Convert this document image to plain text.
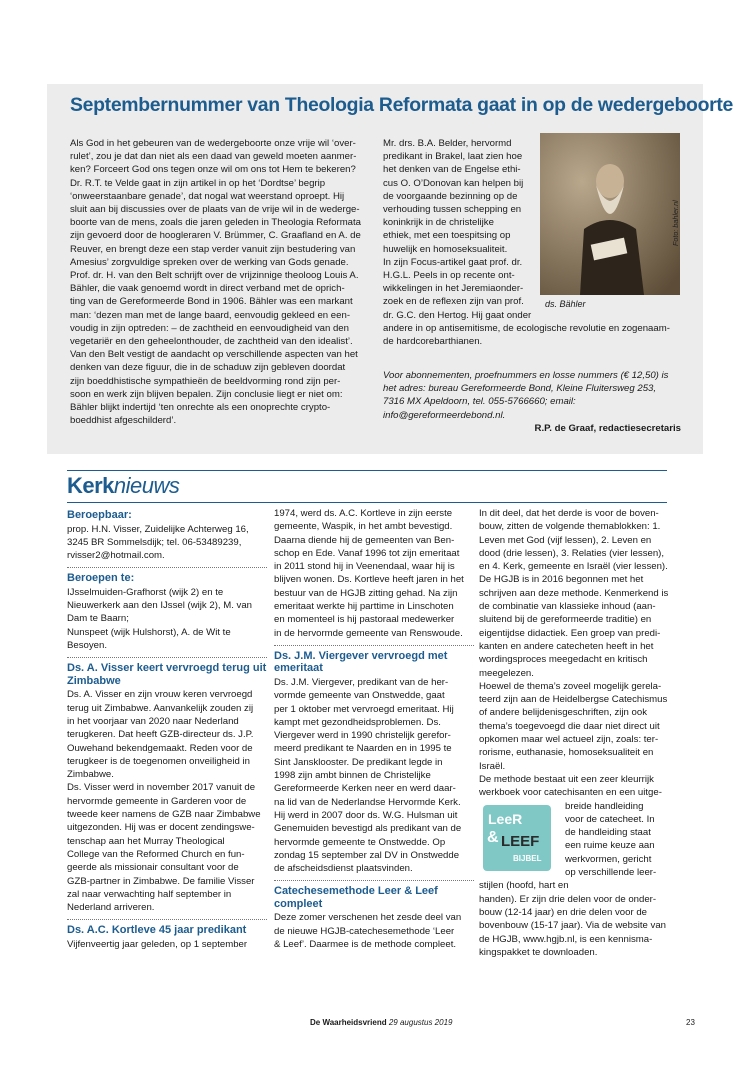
Septembernummer van Theologia Reformata gaat in op de wedergeboorte

Als God in het gebeuren van de wedergeboorte onze vrije wil ‘over-

rulet’, zou je dat dan niet als een daad van geweld moeten aanmer-

ken? Forceert God ons tegen onze wil om ons tot Hem te bekeren?

Dr. R.T. te Velde gaat in zijn artikel in op het ‘Dordtse’ begrip

‘onweerstaanbare genade’, dat nogal wat weerstand oproept. Hij

sluit aan bij discussies over de plaats van de vrije wil in de wederge-

boorte van de mens, zoals die jaren geleden in Theologia Reformata

zijn gevoerd door de hoogleraren V. Brümmer, C. Graafland en A. de

Reuver, en brengt deze een stap verder vanuit zijn bestudering van

Amesius’ zorgvuldige spreken over de werking van Gods genade.

Prof. dr. H. van den Belt schrijft over de vrijzinnige theoloog Louis A.

Bähler, die vaak genoemd wordt in direct verband met de oprich-

ting van de Gereformeerde Bond in 1906. Bähler was een markant

man: ‘dezen man met de lange baard, eenvoudig gekleed en een-

voudig in zijn optreden: – de zachtheid en eenvoudigheid van den

vegetariër en den geheelonthouder, de zachtheid van den idealist’.

Van den Belt vestigt de aandacht op verschillende aspecten van het

denken van deze figuur, die in de schaduw zijn gebleven doordat

zijn boeddhistische sympathieën de beeldvorming rond zijn per-

soon en werk zijn blijven bepalen. Zijn conclusie liegt er niet om:

Bähler blijkt indertijd ‘ten onrechte als een onoprechte crypto-

boeddhist afgeschilderd’.

Mr. drs. B.A. Belder, hervormd

predikant in Brakel, laat zien hoe

het denken van de Engelse ethi-

cus O. O’Donovan kan helpen bij

de voorgaande bezinning op de

verhouding tussen schepping en

koninkrijk in de christelijke

ethiek, met een toespitsing op

huwelijk en homoseksualiteit.

In zijn Focus-artikel gaat prof. dr.

H.G.L. Peels in op recente ont-

wikkelingen in het Jeremiaonder-

zoek en de reflexen zijn van prof.

dr. G.C. den Hertog. Hij gaat onder

andere in op antisemitisme, de ecologische revolutie en zogenaam-

de hardcorebarthianen.

Foto: bahler.nl
ds. Bähler

Voor abonnementen, proefnummers en losse nummers (€ 12,50) is

het adres: bureau Gereformeerde Bond, Kleine Fluitersweg 253,

7316 MX Apeldoorn, tel. 055-5766660; email:

info@gereformeerdebond.nl.

R.P. de Graaf, redactiesecretaris
Kerknieuws
Beroepbaar:

prop. H.N. Visser, Zuidelijke Achterweg 16,

3245 BR Sommelsdijk; tel. 06-53489239,

rvisser2@hotmail.com.

Beroepen te:

IJsselmuiden-Grafhorst (wijk 2) en te

Nieuwerkerk aan den IJssel (wijk 2), M. van

Dam te Baarn;

Nunspeet (wijk Hulshorst), A. de Wit te

Besoyen.

Ds. A. Visser keert vervroegd terug uit Zimbabwe

Ds. A. Visser en zijn vrouw keren vervroegd

terug uit Zimbabwe. Aanvankelijk zouden zij

in het voorjaar van 2020 naar Nederland

terugkeren. Dat heeft GZB-directeur ds. J.P.

Ouwehand bekendgemaakt. Reden voor de

terugkeer is de toegenomen onveiligheid in

Zimbabwe.

Ds. Visser werd in november 2017 vanuit de

hervormde gemeente in Garderen voor de

tweede keer namens de GZB naar Zimbabwe

uitgezonden. Hij was er docent zendingswe-

tenschap aan het Murray Theological

College van the Reformed Church en fun-

geerde als missionair consultant voor de

GZB-partner in Zimbabwe. De familie Visser

zal naar verwachting half september in

Nederland arriveren.

Ds. A.C. Kortleve 45 jaar predikant

Vijfenveertig jaar geleden, op 1 september

1974, werd ds. A.C. Kortleve in zijn eerste

gemeente, Waspik, in het ambt bevestigd.

Daarna diende hij de gemeenten van Ben-

schop en Ede. Vanaf 1996 tot zijn emeritaat

in 2011 stond hij in Veenendaal, waar hij is

blijven wonen. Ds. Kortleve heeft jaren in het

bestuur van de HGJB zitting gehad. Na zijn

emeritaat werkte hij parttime in Linschoten

en momenteel is hij pastoraal medewerker

in de hervormde gemeente van Renswoude.

Ds. J.M. Viergever vervroegd met emeritaat

Ds. J.M. Viergever, predikant van de her-

vormde gemeente van Onstwedde, gaat

per 1 oktober met vervroegd emeritaat. Hij

kampt met gezondheidsproblemen. Ds.

Viergever werd in 1990 christelijk gerefor-

meerd predikant te Naarden en in 1995 te

Sint Jansklooster. De predikant legde in

1998 zijn ambt binnen de Christelijke

Gereformeerde Kerken neer en werd daar-

na lid van de Nederlandse Hervormde Kerk.

Hij werd in 2007 door ds. W.G. Hulsman uit

Genemuiden bevestigd als predikant van de

hervormde gemeente te Onstwedde. Op

zondag 15 september zal DV in Onstwedde

de afscheidsdienst plaatsvinden.

Catechesemethode Leer & Leef compleet

Deze zomer verschenen het zesde deel van

de nieuwe HGJB-catechesemethode ‘Leer

& Leef’. Daarmee is de methode compleet.

In dit deel, dat het derde is voor de boven-

bouw, zitten de volgende themablokken: 1.

Leven met God (vijf lessen), 2. Leven en

dood (drie lessen), 3. Relaties (vier lessen),

en 4. Kerk, gemeente en Israël (vier lessen).

De HGJB is in 2016 begonnen met het

schrijven aan deze methode. Kenmerkend is

de combinatie van klassieke inhoud (aan-

sluitend bij de gereformeerde traditie) en

eigentijdse didactiek. Een groep van predi-

kanten en andere catecheten heeft in het

wordingsproces meegedacht en kritisch

meegelezen.

Hoewel de thema’s zoveel mogelijk gerela-

teerd zijn aan de Heidelbergse Catechismus

of andere belijdenisgeschriften, zijn ook

thema’s toegevoegd die daar niet direct uit

opkomen maar wel actueel zijn, zoals: ter-

rorisme, euthanasie, homoseksualiteit en

Israël.

De methode bestaat uit een zeer kleurrijk

werkboek voor catechisanten en een uitge-

LeeR
& LEEF
BIJBEL

breide handleiding

voor de catecheet. In

de handleiding staat

een ruime keuze aan

werkvormen, gericht

op verschillende leer-

stijlen (hoofd, hart en

handen). Er zijn drie delen voor de onder-

bouw (12-14 jaar) en drie delen voor de

bovenbouw (15-17 jaar). Via de website van

de HGJB, www.hgjb.nl, is een kennisma-

kingspakket te downloaden.

De Waarheidsvriend 29 augustus 2019	23
